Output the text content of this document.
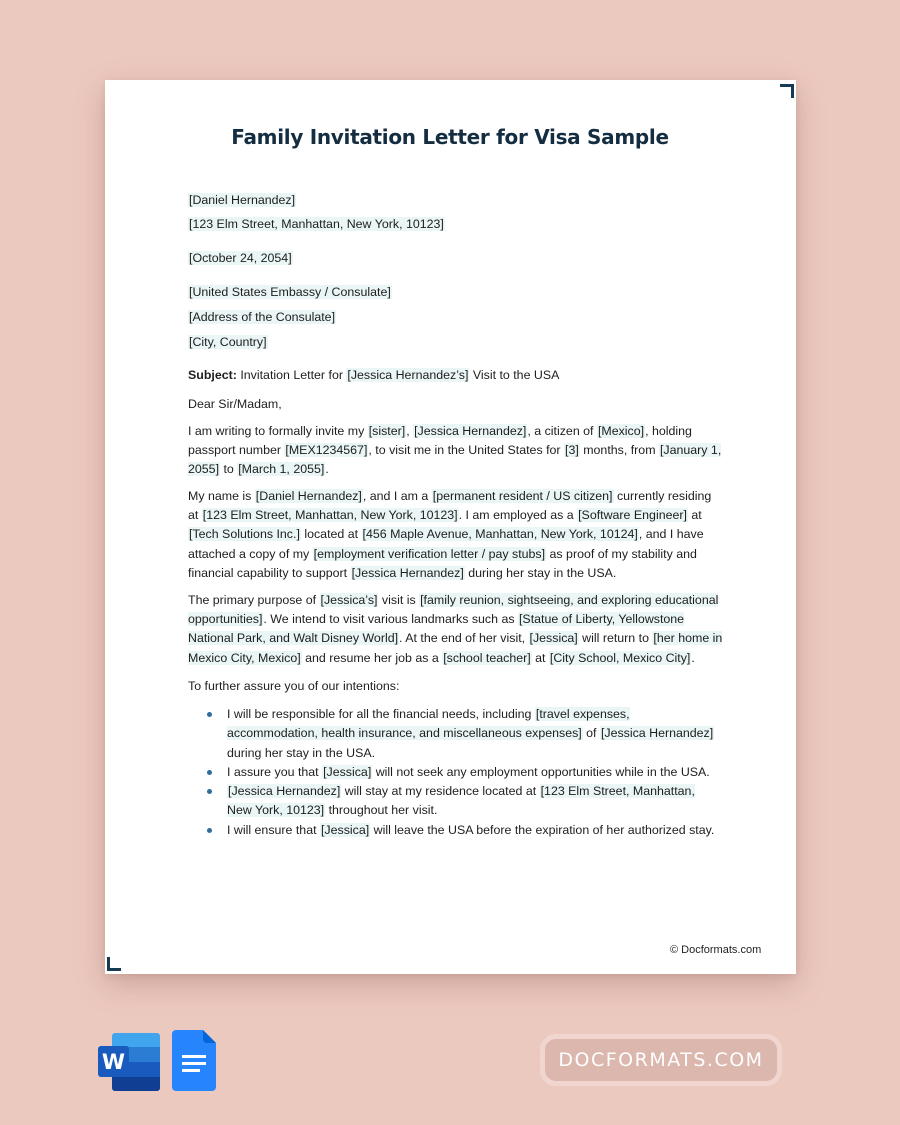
Family Invitation Letter for Visa Sample
[Daniel Hernandez]
[123 Elm Street, Manhattan, New York, 10123]
[October 24, 2054]
[United States Embassy / Consulate]
[Address of the Consulate]
[City, Country]
Subject: Invitation Letter for [Jessica Hernandez’s] Visit to the USA
Dear Sir/Madam,
I am writing to formally invite my [sister], [Jessica Hernandez], a citizen of [Mexico], holding passport number [MEX1234567], to visit me in the United States for [3] months, from [January 1, 2055] to [March 1, 2055].
My name is [Daniel Hernandez], and I am a [permanent resident / US citizen] currently residing at [123 Elm Street, Manhattan, New York, 10123]. I am employed as a [Software Engineer] at [Tech Solutions Inc.] located at [456 Maple Avenue, Manhattan, New York, 10124], and I have attached a copy of my [employment verification letter / pay stubs] as proof of my stability and financial capability to support [Jessica Hernandez] during her stay in the USA.
The primary purpose of [Jessica’s] visit is [family reunion, sightseeing, and exploring educational opportunities]. We intend to visit various landmarks such as [Statue of Liberty, Yellowstone National Park, and Walt Disney World]. At the end of her visit, [Jessica] will return to [her home in Mexico City, Mexico] and resume her job as a [school teacher] at [City School, Mexico City].
To further assure you of our intentions:
I will be responsible for all the financial needs, including [travel expenses, accommodation, health insurance, and miscellaneous expenses] of [Jessica Hernandez] during her stay in the USA.
I assure you that [Jessica] will not seek any employment opportunities while in the USA.
[Jessica Hernandez] will stay at my residence located at [123 Elm Street, Manhattan, New York, 10123] throughout her visit.
I will ensure that [Jessica] will leave the USA before the expiration of her authorized stay.
© Docformats.com
W	DOCFORMATS.COM
